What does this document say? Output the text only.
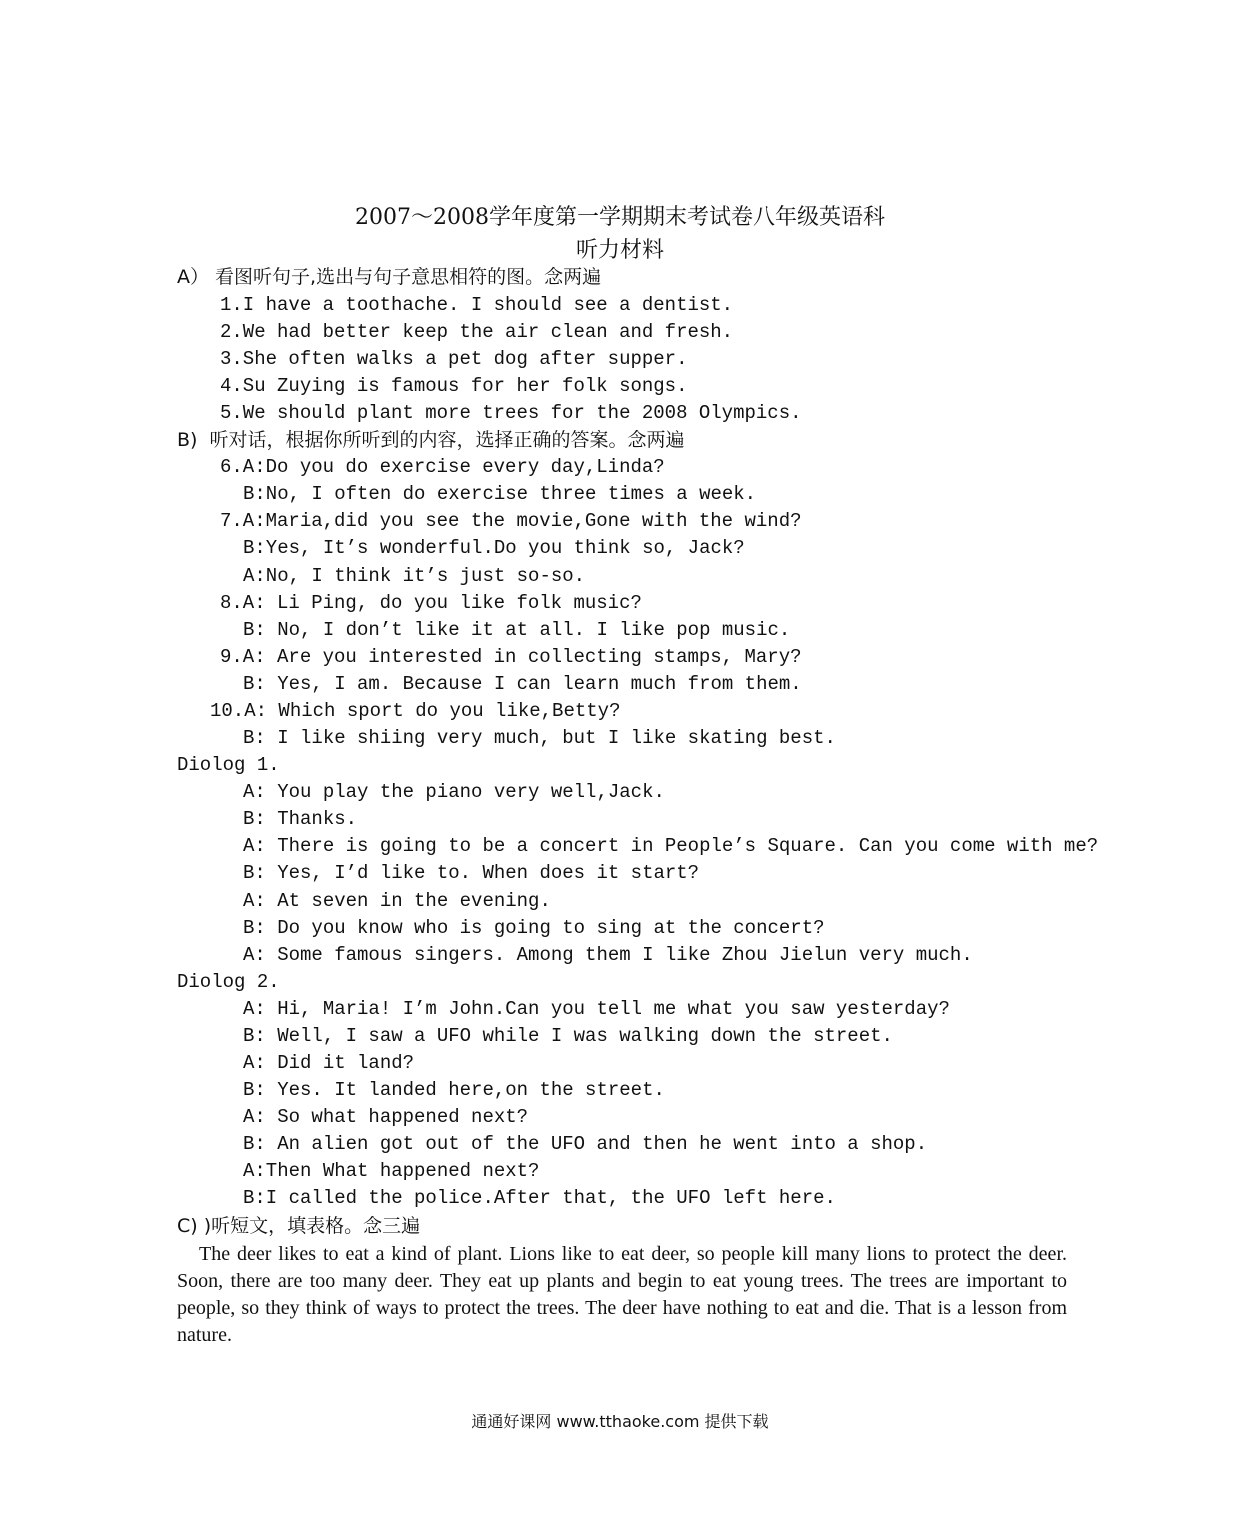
2007～2008学年度第一学期期末考试卷八年级英语科
听力材料
A） 看图听句子,选出与句子意思相符的图。念两遍
1.I have a toothache. I should see a dentist.
2.We had better keep the air clean and fresh.
3.She often walks a pet dog after supper.
4.Su Zuying is famous for her folk songs.
5.We should plant more trees for the 2008 Olympics.
B)  听对话，根据你所听到的内容，选择正确的答案。念两遍
6.A:Do you do exercise every day,Linda?
B:No, I often do exercise three times a week.
7.A:Maria,did you see the movie,Gone with the wind?
B:Yes, It’s wonderful.Do you think so, Jack?
A:No, I think it’s just so-so.
8.A: Li Ping, do you like folk music?
B: No, I don’t like it at all. I like pop music.
9.A: Are you interested in collecting stamps, Mary?
B: Yes, I am. Because I can learn much from them.
10.A: Which sport do you like,Betty?
B: I like shiing very much, but I like skating best.
Diolog 1.
A: You play the piano very well,Jack.
B: Thanks.
A: There is going to be a concert in People’s Square. Can you come with me?
B: Yes, I’d like to. When does it start?
A: At seven in the evening.
B: Do you know who is going to sing at the concert?
A: Some famous singers. Among them I like Zhou Jielun very much.
Diolog 2.
A: Hi, Maria! I’m John.Can you tell me what you saw yesterday?
B: Well, I saw a UFO while I was walking down the street.
A: Did it land?
B: Yes. It landed here,on the street.
A: So what happened next?
B: An alien got out of the UFO and then he went into a shop.
A:Then What happened next?
B:I called the police.After that, the UFO left here.
C) )听短文，填表格。念三遍
The deer likes to eat a kind of plant. Lions like to eat deer, so people kill many lions to protect the deer. Soon, there are too many deer. They eat up plants and begin to eat young trees. The trees are important to people, so they think of ways to protect the trees. The deer have nothing to eat and die. That is a lesson from nature.
通通好课网 www.tthaoke.com 提供下载
